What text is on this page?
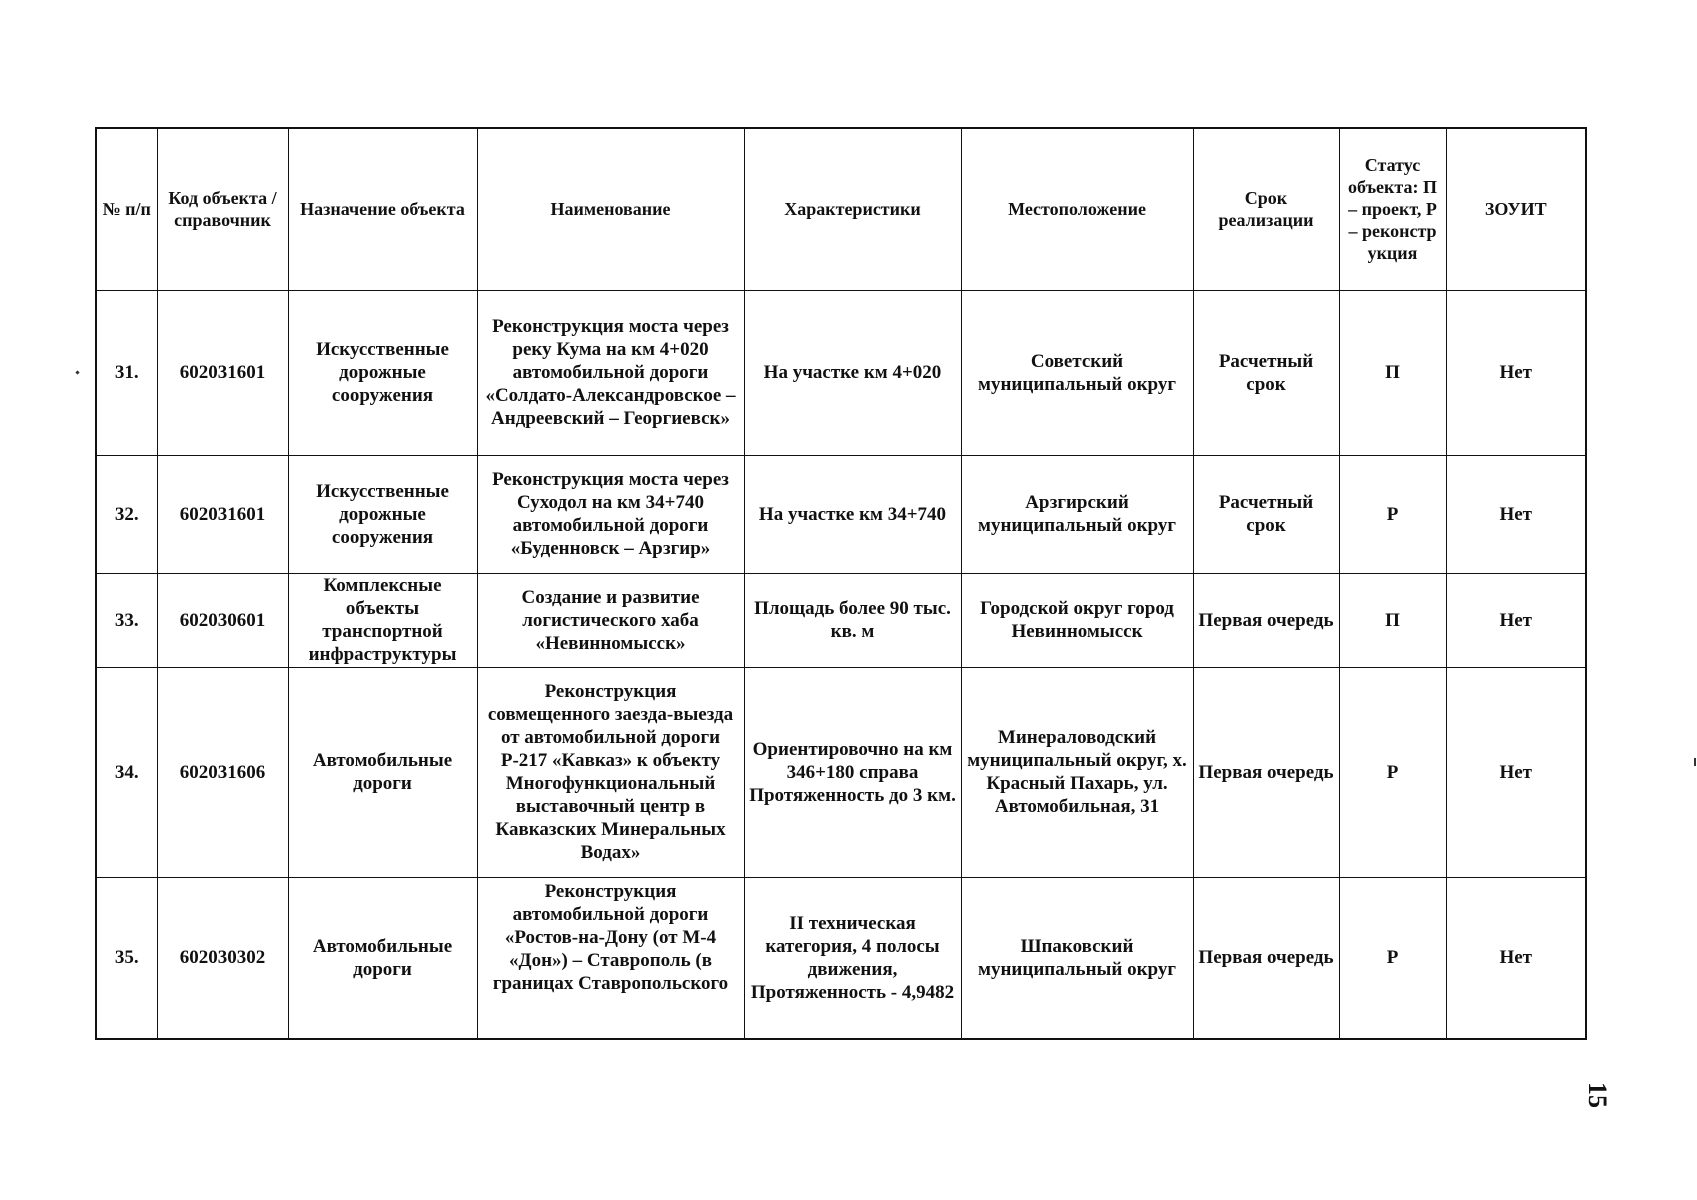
№ п/п	Код объекта / справочник	Назначение объекта	Наименование	Характеристики	Местоположение	Срок реализации	Статус объекта: П – проект, Р – реконстр укция	ЗОУИТ
31.	602031601	Искусственные дорожные сооружения	Реконструкция моста через реку Кума на км 4+020 автомобильной дороги «Солдато-Александровское – Андреевский – Георгиевск»	На участке км 4+020	Советский муниципальный округ	Расчетный срок	П	Нет
32.	602031601	Искусственные дорожные сооружения	Реконструкция моста через Суходол на км 34+740 автомобильной дороги «Буденновск – Арзгир»	На участке км 34+740	Арзгирский муниципальный округ	Расчетный срок	Р	Нет
33.	602030601	Комплексные объекты транспортной инфраструктуры	Создание и развитие логистического хаба «Невинномысск»	Площадь более 90 тыс. кв. м	Городской округ город Невинномысск	Первая очередь	П	Нет
34.	602031606	Автомобильные дороги	Реконструкция совмещенного заезда-выезда от автомобильной дороги Р-217 «Кавказ» к объекту Многофункциональный выставочный центр в Кавказских Минеральных Водах»	Ориентировочно на км 346+180 справа Протяженность до 3 км.	Минераловодский муниципальный округ, х. Красный Пахарь, ул. Автомобильная, 31	Первая очередь	Р	Нет
35.	602030302	Автомобильные дороги	Реконструкция автомобильной дороги «Ростов-на-Дону (от М-4 «Дон») – Ставрополь (в границах Ставропольского	II техническая категория, 4 полосы движения, Протяженность - 4,9482	Шпаковский муниципальный округ	Первая очередь	Р	Нет
15
